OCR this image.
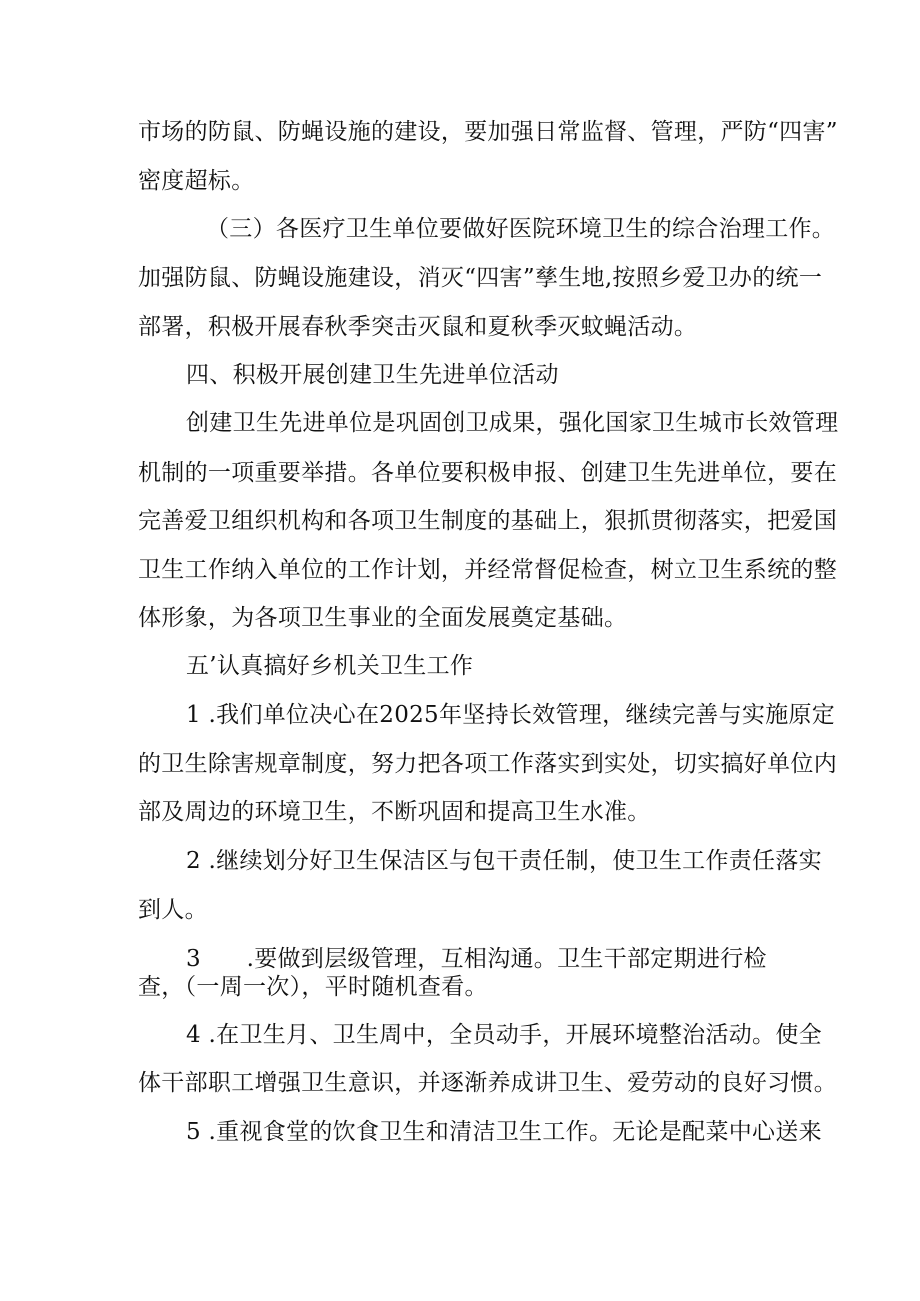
市场的防鼠、防蝇设施的建设，要加强日常监督、管理，严防“四害”
密度超标。
（三）各医疗卫生单位要做好医院环境卫生的综合治理工作。
加强防鼠、防蝇设施建设，消灭“四害”孳生地,按照乡爱卫办的统一
部署，积极开展春秋季突击灭鼠和夏秋季灭蚊蝇活动。
四、积极开展创建卫生先进单位活动
创建卫生先进单位是巩固创卫成果，强化国家卫生城市长效管理
机制的一项重要举措。各单位要积极申报、创建卫生先进单位，要在
完善爱卫组织机构和各项卫生制度的基础上，狠抓贯彻落实，把爱国
卫生工作纳入单位的工作计划，并经常督促检查，树立卫生系统的整
体形象，为各项卫生事业的全面发展奠定基础。
五’认真搞好乡机关卫生工作
1 .我们单位决心在2025年坚持长效管理，继续完善与实施原定
的卫生除害规章制度，努力把各项工作落实到实处，切实搞好单位内
部及周边的环境卫生，不断巩固和提高卫生水准。
2 .继续划分好卫生保洁区与包干责任制，使卫生工作责任落实
到人。
3      .要做到层级管理，互相沟通。卫生干部定期进行检
查，（一周一次），平时随机查看。
4 .在卫生月、卫生周中，全员动手，开展环境整治活动。使全
体干部职工增强卫生意识，并逐渐养成讲卫生、爱劳动的良好习惯。
5 .重视食堂的饮食卫生和清洁卫生工作。无论是配菜中心送来
